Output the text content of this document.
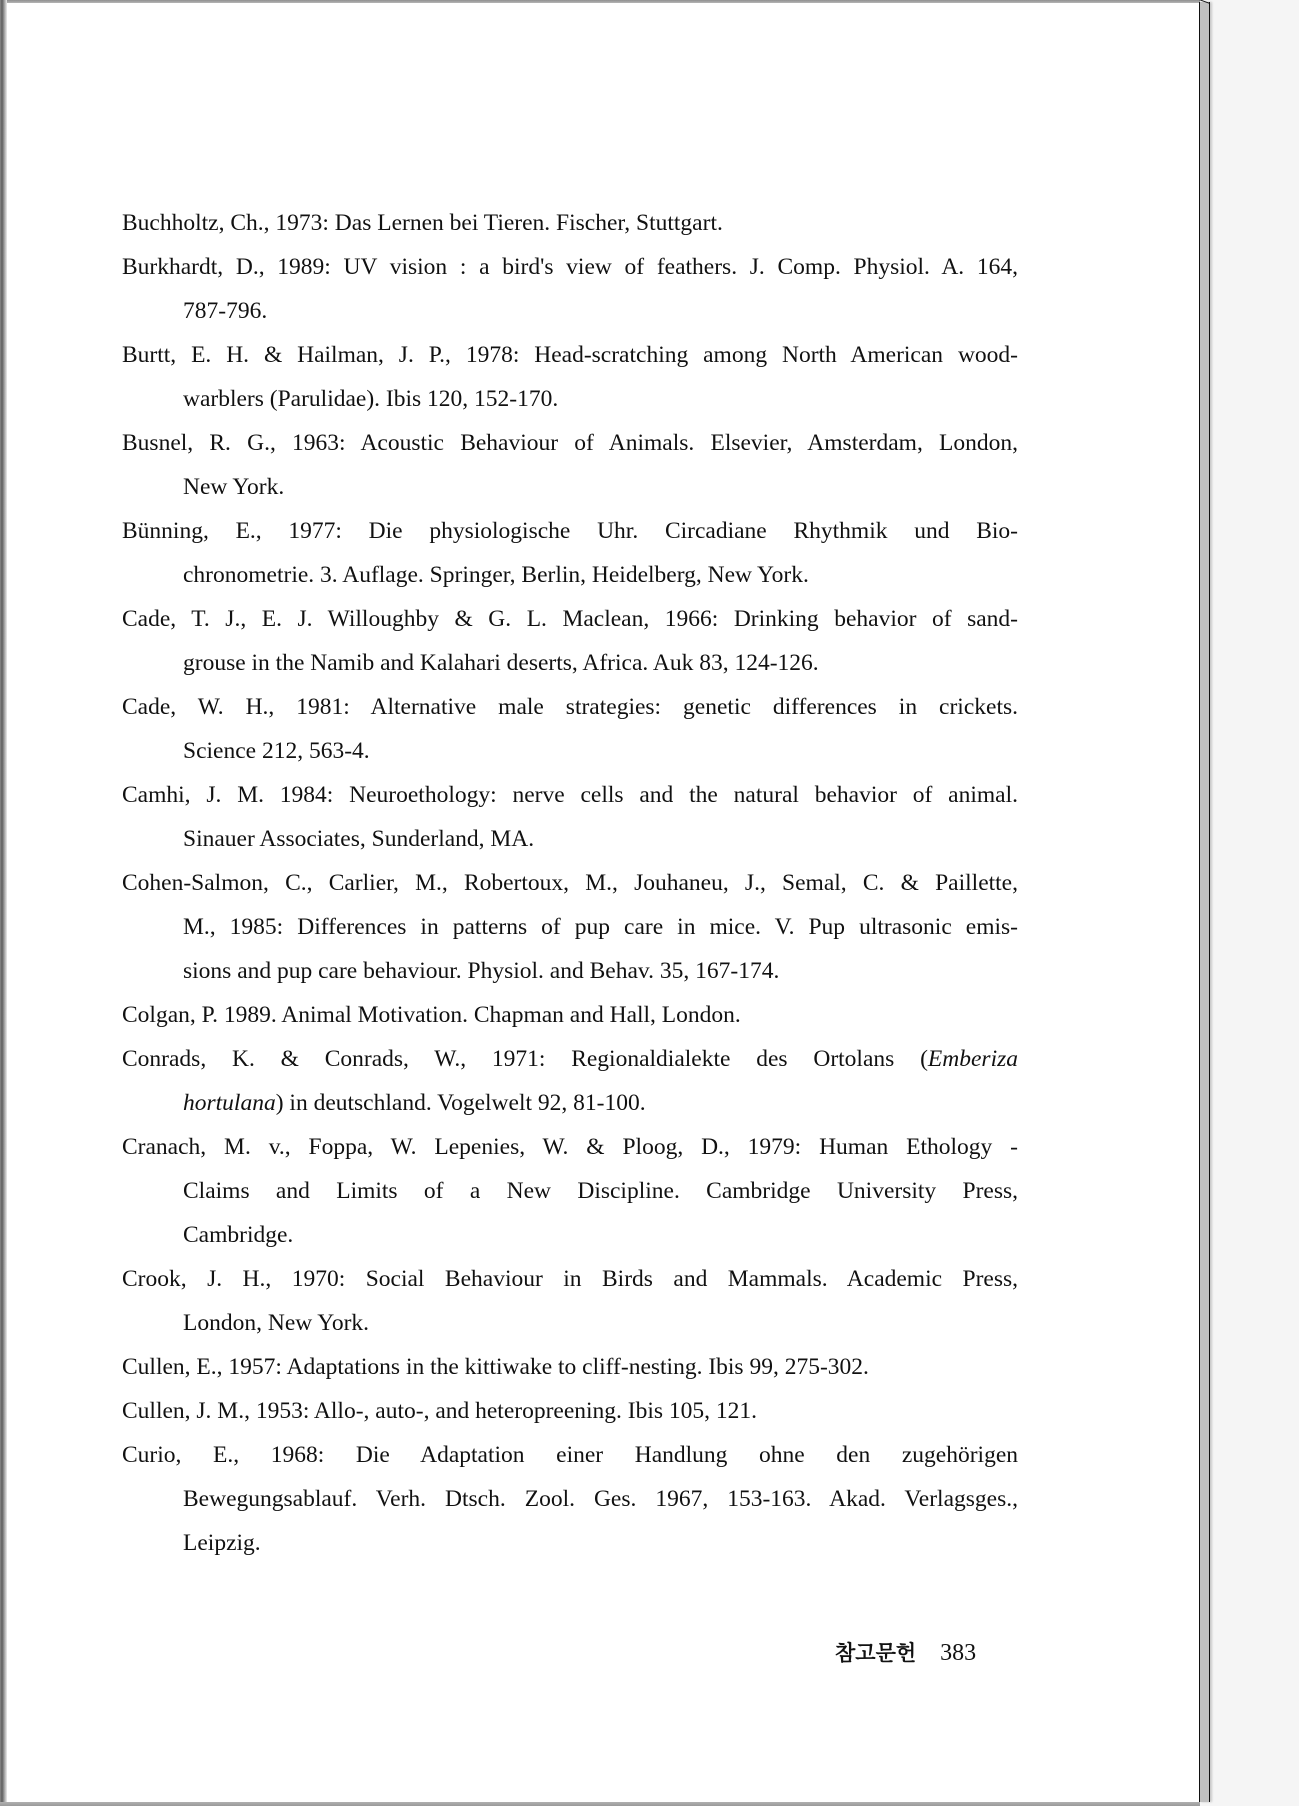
Buchholtz, Ch., 1973: Das Lernen bei Tieren. Fischer, Stuttgart.
Burkhardt, D., 1989: UV vision : a bird's view of feathers. J. Comp. Physiol. A. 164,
787-796.
Burtt, E. H. & Hailman, J. P., 1978: Head-scratching among North American wood-
warblers (Parulidae). Ibis 120, 152-170.
Busnel, R. G., 1963: Acoustic Behaviour of Animals. Elsevier, Amsterdam, London,
New York.
Bünning, E., 1977: Die physiologische Uhr. Circadiane Rhythmik und Bio-
chronometrie. 3. Auflage. Springer, Berlin, Heidelberg, New York.
Cade, T. J., E. J. Willoughby & G. L. Maclean, 1966: Drinking behavior of sand-
grouse in the Namib and Kalahari deserts, Africa. Auk 83, 124-126.
Cade, W. H., 1981: Alternative male strategies: genetic differences in crickets.
Science 212, 563-4.
Camhi, J. M. 1984: Neuroethology: nerve cells and the natural behavior of animal.
Sinauer Associates, Sunderland, MA.
Cohen-Salmon, C., Carlier, M., Robertoux, M., Jouhaneu, J., Semal, C. & Paillette,
M., 1985: Differences in patterns of pup care in mice. V. Pup ultrasonic emis-
sions and pup care behaviour. Physiol. and Behav. 35, 167-174.
Colgan, P. 1989. Animal Motivation. Chapman and Hall, London.
Conrads, K. & Conrads, W., 1971: Regionaldialekte des Ortolans (Emberiza
hortulana) in deutschland. Vogelwelt 92, 81-100.
Cranach, M. v., Foppa, W. Lepenies, W. & Ploog, D., 1979: Human Ethology -
Claims and Limits of a New Discipline. Cambridge University Press,
Cambridge.
Crook, J. H., 1970: Social Behaviour in Birds and Mammals. Academic Press,
London, New York.
Cullen, E., 1957: Adaptations in the kittiwake to cliff-nesting. Ibis 99, 275-302.
Cullen, J. M., 1953: Allo-, auto-, and heteropreening. Ibis 105, 121.
Curio, E., 1968: Die Adaptation einer Handlung ohne den zugehörigen
Bewegungsablauf. Verh. Dtsch. Zool. Ges. 1967, 153-163. Akad. Verlagsges.,
Leipzig.
참고문헌 383
